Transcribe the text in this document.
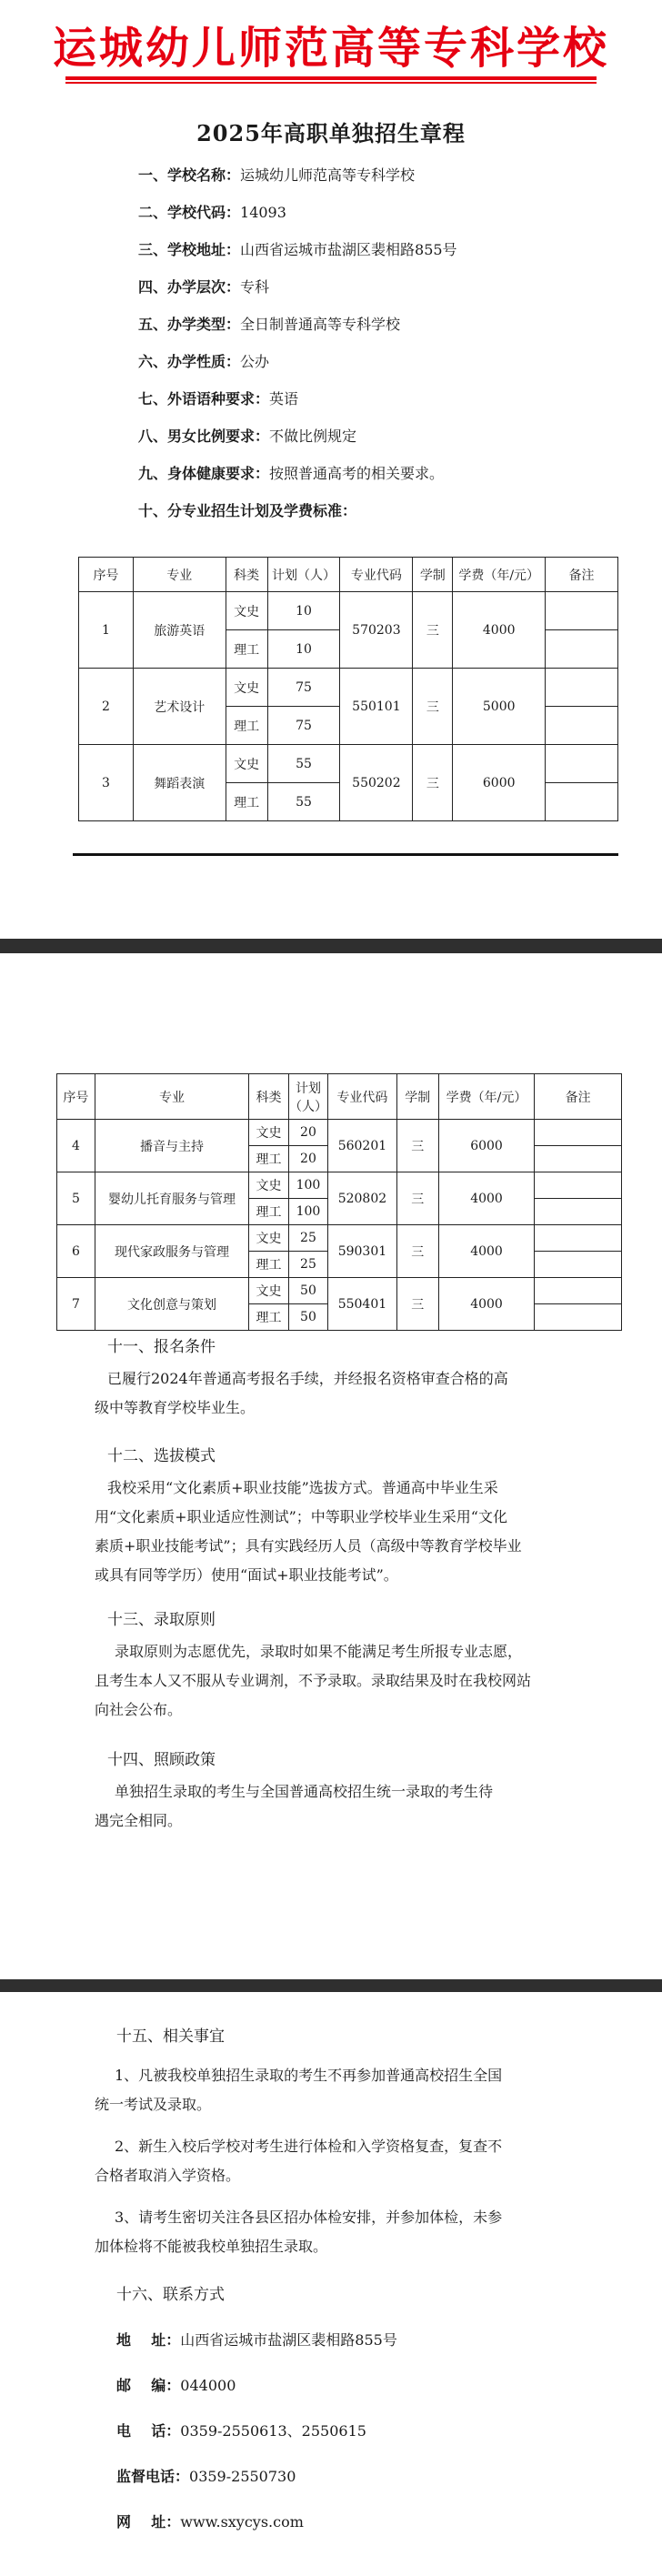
运城幼儿师范高等专科学校
2025年高职单独招生章程
一、学校名称：运城幼儿师范高等专科学校
二、学校代码：14093
三、学校地址：山西省运城市盐湖区裴相路855号
四、办学层次：专科
五、办学类型：全日制普通高等专科学校
六、办学性质：公办
七、外语语种要求：英语
八、男女比例要求：不做比例规定
九、身体健康要求：按照普通高考的相关要求。
十、分专业招生计划及学费标准：
序号	专业	科类	计划（人）	专业代码	学制	学费（年/元）	备注
1	旅游英语	文史	10	570203	三	4000	
		理工	10				
2	艺术设计	文史	75	550101	三	5000	
		理工	75				
3	舞蹈表演	文史	55	550202	三	6000	
		理工	55				
序号	专业	科类	计划（人）	专业代码	学制	学费（年/元）	备注
4	播音与主持	文史	20	560201	三	6000	
		理工	20				
5	婴幼儿托育服务与管理	文史	100	520802	三	4000	
		理工	100				
6	现代家政服务与管理	文史	25	590301	三	4000	
		理工	25				
7	文化创意与策划	文史	50	550401	三	4000	
		理工	50				
十一、报名条件
已履行2024年普通高考报名手续，并经报名资格审查合格的高
级中等教育学校毕业生。
十二、选拔模式
我校采用“文化素质+职业技能”选拔方式。普通高中毕业生采
用“文化素质+职业适应性测试”；中等职业学校毕业生采用“文化
素质+职业技能考试”；具有实践经历人员（高级中等教育学校毕业
或具有同等学历）使用“面试+职业技能考试”。
十三、录取原则
录取原则为志愿优先，录取时如果不能满足考生所报专业志愿，
且考生本人又不服从专业调剂，不予录取。录取结果及时在我校网站
向社会公布。
十四、照顾政策
单独招生录取的考生与全国普通高校招生统一录取的考生待
遇完全相同。
十五、相关事宜
1、凡被我校单独招生录取的考生不再参加普通高校招生全国
统一考试及录取。
2、新生入校后学校对考生进行体检和入学资格复查，复查不
合格者取消入学资格。
3、请考生密切关注各县区招办体检安排，并参加体检，未参
加体检将不能被我校单独招生录取。
十六、联系方式
地    址：山西省运城市盐湖区裴相路855号
邮    编：044000
电    话：0359-2550613、2550615
监督电话：0359-2550730
网    址：www.sxycys.com
